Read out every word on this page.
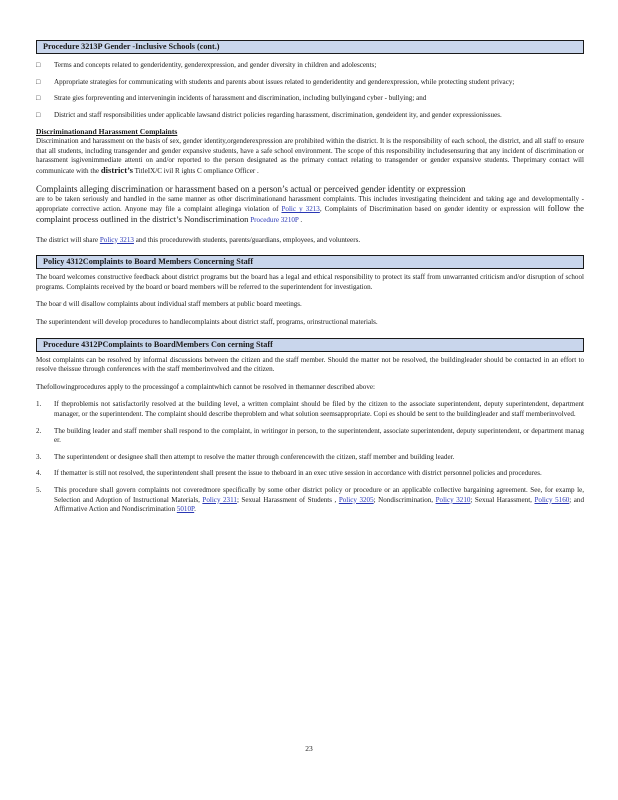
Procedure 3213P Gender -Inclusive Schools (cont.)
□ Terms and concepts related to genderidentity, genderexpression, and gender diversity in children and adolescents;
□ Appropriate strategies for communicating with students and parents about issues related to genderidentity and genderexpression, while protecting student privacy;
□ Strate gies forpreventing and interveningin incidents of harassment and discrimination, including bullyingand cyber - bullying; and
□ District and staff responsibilities under applicable lawsand district policies regarding harassment, discrimination, gendeident ity, and gender expressionissues.
Discriminationand Harassment Complaints

Discrimination and harassment on the basis of sex, gender identity,orgenderexpression are prohibited within the district. It is the responsibility of each school, the district, and all staff to ensure that all students, including transgender and gender expansive students, have a safe school environment. The scope of this responsibility includesensuring that any incident of discrimination or harassment isgivenimmediate attenti on and/or reported to the person designated as the primary contact relating to transgender or gender expansive students. Theprimary contact will communicate with the district’s TitleIX/C ivil R ights C ompliance Officer .

Complaints alleging discrimination or harassment based on a person’s actual or perceived gender identity or expression

are to be taken seriously and handled in the same manner as other discriminationand harassment complaints. This includes investigating theincident and taking age and developmentally -appropriate corrective action. Anyone may file a complaint allegingа violation of Polic y 3213, Complaints of Discrimination based on gender identity or expression will follow the complaint process outlined in the district’s Nondiscrimination Procedure 3210P .

The district will share Policy 3213 and this procedurewith students, parents/guardians, employees, and volunteers.

Policy 4312Complaints to Board Members Concerning Staff

The board welcomes constructive feedback about district programs but the board has a legal and ethical responsibility to protect its staff from unwarranted criticism and/or disruption of school programs. Complaints received by the board or board members will be referred to the superintendent for investigation.

The boar d will disallow complaints about individual staff members at public board meetings.

The superintendent will develop procedures to handlecomplaints about district staff, programs, orinstructional materials.

Procedure 4312PComplaints to BoardMembers Con cerning Staff

Most complaints can be resolved by informal discussions between the citizen and the staff member. Should the matter not be resolved, the buildingleader should be contacted in an effort to resolve theissue through conferences with the staff memberinvolved and the citizen.

Thefollowingprocedures apply to the processingof a complaintwhich cannot be resolved in themanner described above:

1. If theproblemis not satisfactorily resolved at the building level, a written complaint should be filed by the citizen to the associate superintendent, deputy superintendent, department manager, or the superintendent. The complaint should describe theproblem and what solution seemsappropriate. Copi es should be sent to the buildingleader and staff memberinvolved.
2. The building leader and staff member shall respond to the complaint, in writingor in person, to the superintendent, associate superintendent, deputy superintendent, or department manag er.
3. The superintendent or designee shall then attempt to resolve the matter through conferencewith the citizen, staff member and building leader.
4. If thematter is still not resolved, the superintendent shall present the issue to theboard in an exec utive session in accordance with district personnel policies and procedures.
5. This procedure shall govern complaints not coveredmore specifically by some other district policy or procedure or an applicable collective bargaining agreement. See, for examp le, Selection and Adoption of Instructional Materials, Policy 2311; Sexual Harassment of Students , Policy 3205; Nondiscrimination, Policy 3210; Sexual Harassment, Policy 5160; and Affirmative Action and Nondiscrimination 5010P.
23
